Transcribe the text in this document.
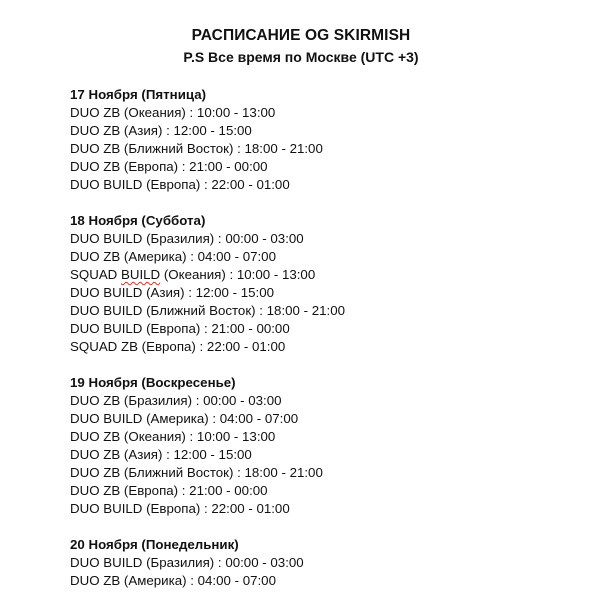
РАСПИСАНИЕ OG SKIRMISH
P.S Все время по Москве (UTC +3)

17 Ноября (Пятница)

DUO ZB (Океания) : 10:00 - 13:00

DUO ZB (Азия) : 12:00 - 15:00

DUO ZB (Ближний Восток) : 18:00 - 21:00

DUO ZB (Европа) : 21:00 - 00:00

DUO BUILD (Европа) : 22:00 - 01:00

18 Ноября (Суббота)

DUO BUILD (Бразилия) : 00:00 - 03:00

DUO ZB (Америка) : 04:00 - 07:00

SQUAD BUILD (Океания) : 10:00 - 13:00

DUO BUILD (Азия) : 12:00 - 15:00

DUO BUILD (Ближний Восток) : 18:00 - 21:00

DUO BUILD (Европа) : 21:00 - 00:00

SQUAD ZB (Европа) : 22:00 - 01:00

19 Ноября (Воскресенье)

DUO ZB (Бразилия) : 00:00 - 03:00

DUO BUILD (Америка) : 04:00 - 07:00

DUO ZB (Океания) : 10:00 - 13:00

DUO ZB (Азия) : 12:00 - 15:00

DUO ZB (Ближний Восток) : 18:00 - 21:00

DUO ZB (Европа) : 21:00 - 00:00

DUO BUILD (Европа) : 22:00 - 01:00

20 Ноября (Понедельник)

DUO BUILD (Бразилия) : 00:00 - 03:00

DUO ZB (Америка) : 04:00 - 07:00
